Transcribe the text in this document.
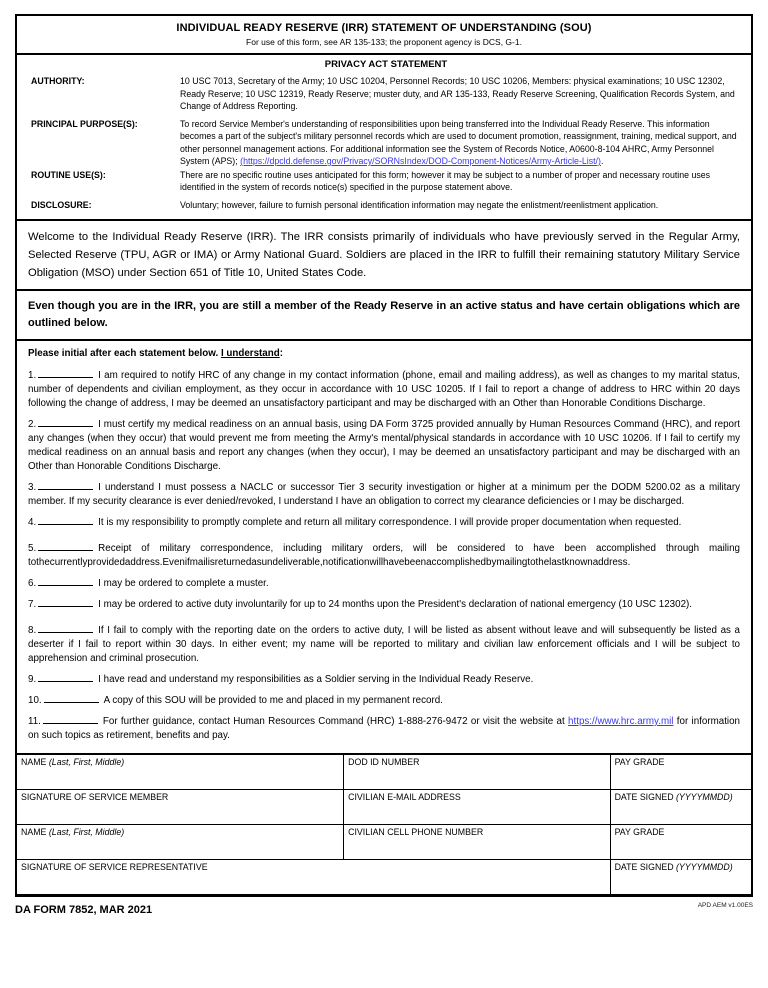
INDIVIDUAL READY RESERVE (IRR) STATEMENT OF UNDERSTANDING (SOU)
For use of this form, see AR 135-133; the proponent agency is DCS, G-1.
PRIVACY ACT STATEMENT
AUTHORITY:	10 USC 7013, Secretary of the Army; 10 USC 10204, Personnel Records; 10 USC 10206, Members: physical examinations; 10 USC 12302, Ready Reserve; 10 USC 12319, Ready Reserve; muster duty, and AR 135-133, Ready Reserve Screening, Qualification Records System, and Change of Address Reporting.
PRINCIPAL PURPOSE(S):	To record Service Member's understanding of responsibilities upon being transferred into the Individual Ready Reserve. This information becomes a part of the subject's military personnel records which are used to document promotion, reassignment, training, medical support, and other personnel management actions. For additional information see the System of Records Notice, A0600-8-104 AHRC, Army Personnel System (APS); (https://dpcld.defense.gov/Privacy/SORNsIndex/DOD-Component-Notices/Army-Article-List/).
ROUTINE USE(S):	There are no specific routine uses anticipated for this form; however it may be subject to a number of proper and necessary routine uses identified in the system of records notice(s) specified in the purpose statement above.
DISCLOSURE:	Voluntary; however, failure to furnish personal identification information may negate the enlistment/reenlistment application.
Welcome to the Individual Ready Reserve (IRR). The IRR consists primarily of individuals who have previously served in the Regular Army, Selected Reserve (TPU, AGR or IMA) or Army National Guard. Soldiers are placed in the IRR to fulfill their remaining statutory Military Service Obligation (MSO) under Section 651 of Title 10, United States Code.
Even though you are in the IRR, you are still a member of the Ready Reserve in an active status and have certain obligations which are outlined below.
Please initial after each statement below. I understand:

1.	I am required to notify HRC of any change in my contact information (phone, email and mailing address), as well as changes to my marital status, number of dependents and civilian employment, as they occur in accordance with 10 USC 10205. If I fail to report a change of address to HRC within 20 days following the change of address, I may be deemed an unsatisfactory participant and may be discharged with an Other than Honorable Conditions Discharge.

2.	I must certify my medical readiness on an annual basis, using DA Form 3725 provided annually by Human Resources Command (HRC), and report any changes (when they occur) that would prevent me from meeting the Army's mental/physical standards in accordance with 10 USC 10206. If I fail to certify my medical readiness on an annual basis and report any changes (when they occur), I may be deemed an unsatisfactory participant and may be discharged with an Other than Honorable Conditions Discharge.

3.	I understand I must possess a NACLC or successor Tier 3 security investigation or higher at a minimum per the DODM 5200.02 as a military member. If my security clearance is ever denied/revoked, I understand I have an obligation to correct my clearance deficiencies or I may be discharged.

4.	It is my responsibility to promptly complete and return all military correspondence. I will provide proper documentation when requested.

5.	Receipt of military correspondence, including military orders, will be considered to have been accomplished through mailing tothecurrentlyprovidedaddress.Evenifmailisreturnedasundeliverable,notificationwillhavebeenaccomplishedbymailingtothelastknownaddress.

6.	I may be ordered to complete a muster.

7.	I may be ordered to active duty involuntarily for up to 24 months upon the President's declaration of national emergency (10 USC 12302).

8.	If I fail to comply with the reporting date on the orders to active duty, I will be listed as absent without leave and will subsequently be listed as a deserter if I fail to report within 30 days. In either event; my name will be reported to military and civilian law enforcement officials and I will be subject to apprehension and criminal prosecution.

9.	I have read and understand my responsibilities as a Soldier serving in the Individual Ready Reserve.

10.	A copy of this SOU will be provided to me and placed in my permanent record.

11.	For further guidance, contact Human Resources Command (HRC) 1-888-276-9472 or visit the website at https://www.hrc.army.mil for information on such topics as retirement, benefits and pay.

NAME (Last, First, Middle)	DOD ID NUMBER	PAY GRADE
SIGNATURE OF SERVICE MEMBER	CIVILIAN E-MAIL ADDRESS	DATE SIGNED (YYYYMMDD)
NAME (Last, First, Middle)	CIVILIAN CELL PHONE NUMBER	PAY GRADE
SIGNATURE OF SERVICE REPRESENTATIVE		DATE SIGNED (YYYYMMDD)
DA FORM 7852, MAR 2021	APD AEM v1.00ES
